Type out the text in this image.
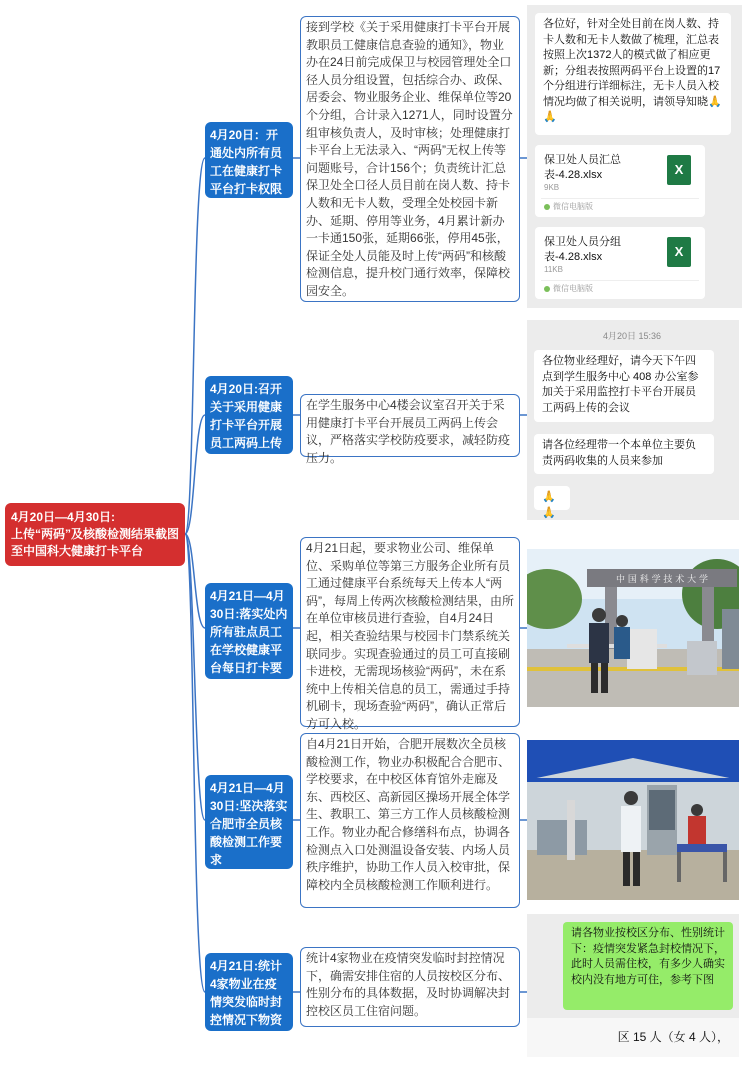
4月20日—4月30日:
上传“两码”及核酸检测结果截图至中国科大健康打卡平台
4月20日：开通处内所有员工在健康打卡平台打卡权限
4月20日:召开关于采用健康打卡平台开展员工两码上传专项会议
4月21日—4月30日:落实处内所有驻点员工在学校健康平台每日打卡要求。
4月21日—4月30日:坚决落实合肥市全员核酸检测工作要求
4月21日:统计4家物业在疫情突发临时封控情况下物资储备情况
接到学校《关于采用健康打卡平台开展教职员工健康信息查验的通知》，物业办在24日前完成保卫与校园管理处全口径人员分组设置，包括综合办、政保、居委会、物业服务企业、维保单位等20个分组，合计录入1271人，同时设置分组审核负责人，及时审核；处理健康打卡平台上无法录入、“两码”无权上传等问题账号，合计156个；负责统计汇总保卫处全口径人员目前在岗人数、持卡人数和无卡人数，受理全处校园卡新办、延期、停用等业务，4月累计新办一卡通150张，延期66张，停用45张，保证全处人员能及时上传“两码”和核酸检测信息，提升校门通行效率，保障校园安全。
在学生服务中心4楼会议室召开关于采用健康打卡平台开展员工两码上传会议，严格落实学校防疫要求，减轻防疫压力。
4月21日起，要求物业公司、维保单位、采购单位等第三方服务企业所有员工通过健康平台系统每天上传本人“两码”，每周上传两次核酸检测结果，由所在单位审核员进行查验，自4月24日起，相关查验结果与校园卡门禁系统关联同步。实现查验通过的员工可直接刷卡进校，无需现场核验“两码”，未在系统中上传相关信息的员工，需通过手持机刷卡，现场查验“两码”，确认正常后方可入校。
自4月21日开始，合肥开展数次全员核酸检测工作，物业办积极配合合肥市、学校要求，在中校区体育馆外走廊及东、西校区、高新园区操场开展全体学生、教职工、第三方工作人员核酸检测工作。物业办配合修缮科布点，协调各检测点入口处测温设备安装、内场人员秩序维护，协助工作人员入校审批，保障校内全员核酸检测工作顺利进行。
统计4家物业在疫情突发临时封控情况下，确需安排住宿的人员按校区分布、性别分布的具体数据，及时协调解决封控校区员工住宿问题。
各位好，针对全处目前在岗人数、持卡人数和无卡人数做了梳理，汇总表按照上次1372人的模式做了相应更新；分组表按照两码平台上设置的17个分组进行详细标注，无卡人员入校情况均做了相关说明，请领导知晓🙏🙏
保卫处人员汇总表-4.28.xlsx
9KB
X
微信电脑版
保卫处人员分组表-4.28.xlsx
11KB
X
微信电脑版
4月20日 15:36
各位物业经理好，请今天下午四点到学生服务中心 408 办公室参加关于采用监控打卡平台开展员工两码上传的会议
请各位经理带一个本单位主要负责两码收集的人员来参加
🙏🙏
中 国 科 学 技 术 大 学
请各物业按校区分布、性别统计下：疫情突发紧急封校情况下，此时人员需住校，有多少人确实校内没有地方可住，参考下图
区 15 人（女 4 人），
